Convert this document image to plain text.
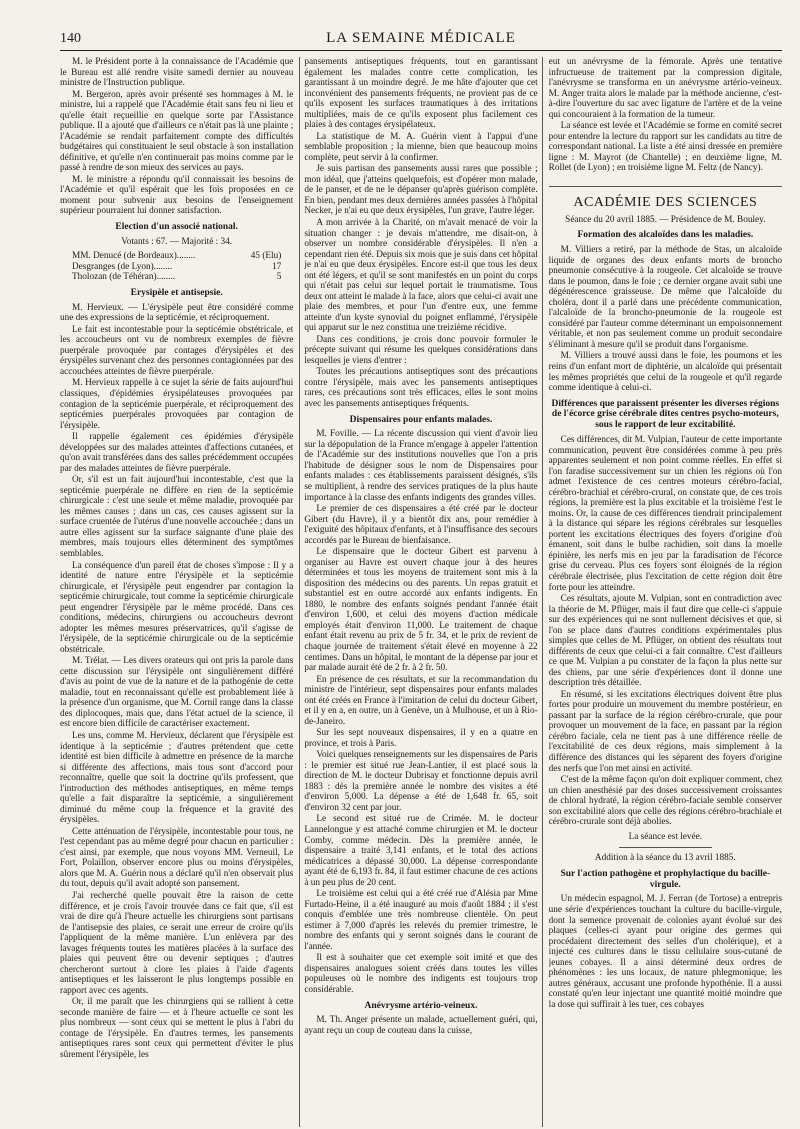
140	LA SEMAINE MÉDICALE

M. le Président porte à la connaissance de l'Académie que le Bureau est allé rendre visite samedi dernier au nouveau ministre de l'Instruction publique.

M. Bergeron, après avoir présenté ses hommages à M. le ministre, lui a rappelé que l'Académie était sans feu ni lieu et qu'elle était reçueillie en quelque sorte par l'Assistance publique. Il a ajouté que d'ailleurs ce n'était pas là une plainte ; l'Académie se rendait parfaitement compte des difficultés budgétaires qui constituaient le seul obstacle à son installation définitive, et qu'elle n'en continuerait pas moins comme par le passé à rendre de son mieux des services au pays.

M. le ministre a répondu qu'il connaissait les besoins de l'Académie et qu'il espérait que les fois proposées en ce moment pour subvenir aux besoins de l'enseignement supérieur pourraient lui donner satisfaction.

Election d'un associé national.
Votants : 67. — Majorité : 34.
MM. Denucé (de Bordeaux)........	45 (Elu)
Desgranges (de Lyon)........	17
Tholozan (de Téhéran)........	5
Erysipèle et antisepsie.

M. Hervieux. — L'érysipèle peut être considéré comme une des expressions de la septicémie, et réciproquement.

Le fait est incontestable pour la septicémie obstétricale, et les accoucheurs ont vu de nombreux exemples de fièvre puerpérale provoquée par contages d'érysipèles et des érysipèles survenant chez des personnes contagionnées par des accouchées atteintes de fièvre puerpérale.

M. Hervieux rappelle à ce sujet la série de faits aujourd'hui classiques, d'épidémies érysipélateuses provoquées par contagion de la septicémie puerpérale, et réciproquement des septicémies puerpérales provoquées par contagion de l'érysipèle.

Il rappelle également ces épidémies d'érysipèle développées sur des malades atteintes d'affections cutanées, et qu'on avait transférées dans des salles précédemment occupées par des malades atteintes de fièvre puerpérale.

Or, s'il est un fait aujourd'hui incontestable, c'est que la septicémie puerpérale ne diffère en rien de la septicémie chirurgicale : c'est une seule et même maladie, provoquée par les mêmes causes ; dans un cas, ces causes agissent sur la surface cruentée de l'utérus d'une nouvelle accouchée ; dans un autre elles agissent sur la surface saignante d'une plaie des membres, mais toujours elles déterminent des symptômes semblables.

La conséquence d'un pareil état de choses s'impose : Il y a identité de nature entre l'érysipèle et la septicémie chirurgicale, et l'érysipèle peut engendrer par contagion la septicémie chirurgicale, tout comme la septicémie chirurgicale peut engendrer l'érysipèle par le même procédé. Dans ces conditions, médecins, chirurgiens ou accoucheurs devront adopter les mêmes mesures préservatrices, qu'il s'agisse de l'érysipèle, de la septicémie chirurgicale ou de la septicémie obstétricale.

M. Trélat. — Les divers orateurs qui ont pris la parole dans cette discussion sur l'érysipèle ont singulièrement différé d'avis au point de vue de la nature et de la pathogénie de cette maladie, tout en reconnaissant qu'elle est probablement liée à la présence d'un organisme, que M. Cornil range dans la classe des diplocoques, mais que, dans l'état actuel de la science, il est encore bien difficile de caractériser exactement.

Les uns, comme M. Hervieux, déclarent que l'érysipèle est identique à la septicémie ; d'autres prétendent que cette identité est bien difficile à admettre en présence de la marche si différente des affections, mais tous sont d'accord pour reconnaître, quelle que soit la doctrine qu'ils professent, que l'introduction des méthodes antiseptiques, en même temps qu'elle a fait disparaître la septicémie, a singulièrement diminué du même coup la fréquence et la gravité des érysipèles.

Cette atténuation de l'érysipèle, incontestable pour tous, ne l'est cependant pas au même degré pour chacun en particulier : c'est ainsi, par exemple, que nous voyons MM. Verneuil, Le Fort, Polaillon, observer encore plus ou moins d'érysipèles, alors que M. A. Guérin nous a déclaré qu'il n'en observait plus du tout, depuis qu'il avait adopté son pansement.

J'ai recherché quelle pouvait être la raison de cette différence, et je crois l'avoir trouvée dans ce fait que, s'il est vrai de dire qu'à l'heure actuelle les chirurgiens sont partisans de l'antisepsie des plaies, ce serait une erreur de croire qu'ils l'appliquent de la même manière. L'un enlèvera par des lavages fréquents toutes les matières placées à la surface des plaies qui peuvent être ou devenir septiques ; d'autres chercheront surtout à clore les plaies à l'aide d'agents antiseptiques et les laisseront le plus longtemps possible en rapport avec ces agents.

Or, il me paraît que les chirurgiens qui se rallient à cette seconde manière de faire — et à l'heure actuelle ce sont les plus nombreux — sont ceux qui se mettent le plus à l'abri du contage de l'érysipèle. En d'autres termes, les pansements antiseptiques rares sont ceux qui permettent d'éviter le plus sûrement l'érysipèle, les

pansements antiseptiques fréquents, tout en garantissant également les malades contre cette complication, les garantissant à un moindre degré. Je me hâte d'ajouter que cet inconvénient des pansements fréquents, ne provient pas de ce qu'ils exposent les surfaces traumatiques à des irritations multipliées, mais de ce qu'ils exposent plus facilement ces plaies à des contages érysipélateux.

La statistique de M. A. Guérin vient à l'appui d'une semblable proposition ; la mienne, bien que beaucoup moins complète, peut servir à la confirmer.

Je suis partisan des pansements aussi rares que possible ; mon idéal, que j'atteins quelquefois, est d'opérer mon malade, de le panser, et de ne le dépanser qu'après guérison complète. En bien, pendant mes deux dernières années passées à l'hôpital Necker, je n'ai eu que deux érysipèles, l'un grave, l'autre léger.

A mon arrivée à la Charité, on m'avait menacé de voir la situation changer : je devais m'attendre, me disait-on, à observer un nombre considérable d'érysipèles. Il n'en a cependant rien été. Depuis six mois que je suis dans cet hôpital je n'ai eu que deux érysipèles. Encore est-il que tous les deux ont été légers, et qu'il se sont manifestés en un point du corps qui n'était pas celui sur lequel portait le traumatisme. Tous deux ont atteint le malade à la face, alors que celui-ci avait une plaie des membres, et pour l'un d'entre eux, une femme atteinte d'un kyste synovial du poignet enflammé, l'érysipèle qui apparut sur le nez constitua une treizième récidive.

Dans ces conditions, je crois donc pouvoir formuler le précepte suivant qui résume les quelques considérations dans lesquelles je viens d'entrer :

Toutes les précautions antiseptiques sont des précautions contre l'érysipèle, mais avec les pansements antiseptiques rares, ces précautions sont très efficaces, elles le sont moins avec les pansements antiseptiques fréquents.

Dispensaires pour enfants malades.

M. Foville. — La récente discussion qui vient d'avoir lieu sur la dépopulation de la France m'engage à appeler l'attention de l'Académie sur des institutions nouvelles que l'on a pris l'habitude de désigner sous le nom de Dispensaires pour enfants malades : ces établissements paraissent désignés, s'ils se multiplient, à rendre des services pratiques de la plus haute importance à la classe des enfants indigents des grandes villes.

Le premier de ces dispensaires a été créé par le docteur Gibert (du Havre), il y a bientôt dix ans, pour remédier à l'exiguité des hôpitaux d'enfants, et à l'insuffisance des secours accordés par le Bureau de bienfaisance.

Le dispensaire que le docteur Gibert est parvenu à organiser au Havre est ouvert chaque jour à des heures déterminées et tous les moyens de traitement sont mis à la disposition des médecins ou des parents. Un repas gratuit et substantiel est en outre accordé aux enfants indigents. En 1880, le nombre des enfants soignés pendant l'année était d'environ 1,600, et celui des moyens d'action médicale employés était d'environ 11,000. Le traitement de chaque enfant était revenu au prix de 5 fr. 34, et le prix de revient de chaque journée de traitement s'était élevé en moyenne à 22 centimes. Dans un hôpital, le montant de la dépense par jour et par malade aurait été de 2 fr. à 2 fr. 50.

En présence de ces résultats, et sur la recommandation du ministre de l'intérieur, sept dispensaires pour enfants malades ont été créés en France à l'imitation de celui du docteur Gibert, et il y en a, en outre, un à Genève, un à Mulhouse, et un à Rio-de-Janeiro.

Sur les sept nouveaux dispensaires, il y en a quatre en province, et trois à Paris.

Voici quelques renseignements sur les dispensaires de Paris : le premier est situé rue Jean-Lantier, il est placé sous la direction de M. le docteur Dubrisay et fonctionne depuis avril 1883 : dès la première année le nombre des visites a été d'environ 5,000. La dépense a été de 1,648 fr. 65, soit d'environ 32 cent par jour.

Le second est situé rue de Crimée. M. le docteur Lannelongue y est attaché comme chirurgien et M. le docteur Comby, comme médecin. Dès la première année, le dispensaire a traité 3,141 enfants, et le total des actions médicatrices a dépassé 30,000. La dépense correspondante ayant été de 6,193 fr. 84, il faut estimer chacune de ces actions à un peu plus de 20 cent.

Le troisième est celui qui a été créé rue d'Alésia par Mme Furtado-Heine, il a été inauguré au mois d'août 1884 ; il s'est conquis d'emblée une très nombreuse clientèle. On peut estimer à 7,000 d'après les relevés du premier trimestre, le nombre des enfants qui y seront soignés dans le courant de l'année.

Il est à souhaiter que cet exemple soit imité et que des dispensaires analogues soient créés dans toutes les villes populeuses où le nombre des indigents est toujours trop considérable.

Anévrysme artério-veineux.

M. Th. Anger présente un malade, actuellement guéri, qui, ayant reçu un coup de couteau dans la cuisse,

eut un anévrysme de la fémorale. Après une tentative infructueuse de traitement par la compression digitale, l'anévrysme se transforma en un anévrysme artério-veineux. M. Anger traita alors le malade par la méthode ancienne, c'est-à-dire l'ouverture du sac avec ligature de l'artère et de la veine qui concouraient à la formation de la tumeur.

La séance est levée et l'Académie se forme en comité secret pour entendre la lecture du rapport sur les candidats au titre de correspondant national. La liste a été ainsi dressée en première ligne : M. Mayrot (de Chantelle) ; en deuxième ligne, M. Rollet (de Lyon) ; en troisième ligne M. Feltz (de Nancy).

ACADÉMIE DES SCIENCES
Séance du 20 avril 1885. — Présidence de M. Bouley.
Formation des alcaloïdes dans les maladies.

M. Villiers a retiré, par la méthode de Stas, un alcaloïde liquide de organes des deux enfants morts de broncho pneumonie consécutive à la rougeole. Cet alcaloïde se trouve dans le poumon, dans le foie ; ce dernier organe avait subi une dégénérescence graisseuse. De même que l'alcaloïde du choléra, dont il a parlé dans une précédente communication, l'alcaloïde de la broncho-pneumonie de la rougeole est considéré par l'auteur comme déterminant un empoisonnement véritable, et non pas seulement comme un produit secondaire s'éliminant à mesure qu'il se produit dans l'organisme.

M. Villiers a trouvé aussi dans le foie, les poumons et les reins d'un enfant mort de diphtérie, un alcaloïde qui présentait les mêmes propriétés que celui de la rougeole et qu'il regarde comme identique à celui-ci.

Différences que paraissent présenter les diverses régions de l'écorce grise cérébrale dites centres psycho-moteurs, sous le rapport de leur excitabilité.

Ces différences, dit M. Vulpian, l'auteur de cette importante communication, peuvent être considérées comme à peu près apparentes seulement et non point comme réelles. En effet si l'on faradise successivement sur un chien les régions où l'on admet l'existence de ces centres moteurs cérébro-facial, cérébro-brachial et cérébro-crural, on constate que, de ces trois régions, la première est la plus excitable et la troisième l'est le moins. Or, la cause de ces différences tiendrait principalement à la distance qui sépare les régions cérébrales sur lesquelles portent les excitations électriques des foyers d'origine d'où émanent, soit dans le bulbe rachidien, soit dans la moelle épinière, les nerfs mis en jeu par la faradisation de l'écorce grise du cerveau. Plus ces foyers sont éloignés de la région cérébrale électrisée, plus l'excitation de cette région doit être forte pour les atteindre.

Ces résultats, ajoute M. Vulpian, sont en contradiction avec la théorie de M. Pflüger, mais il faut dire que celle-ci s'appuie sur des expériences qui ne sont nullement décisives et que, si l'on se place dans d'autres conditions expérimentales plus simples que celles de M. Pflüger, on obtient des résultats tout différents de ceux que celui-ci a fait connaître. C'est d'ailleurs ce que M. Vulpian a pu constater de la façon la plus nette sur des chiens, par une série d'expériences dont il donne une description très détaillée.

En résumé, si les excitations électriques doivent être plus fortes pour produire un mouvement du membre postérieur, en passant par la surface de la région cérébro-crurale, que pour provoquer un mouvement de la face, en passant par la région cérébro faciale, cela ne tient pas à une différence réelle de l'excitabilité de ces deux régions, mais simplement à la différence des distances qui les séparent des foyers d'origine des nerfs que l'on met ainsi en activité.

C'est de la même façon qu'on doit expliquer comment, chez un chien anesthésié par des doses successivement croissantes de chloral hydraté, la région cérébro-faciale semble conserver son excitabilité alors que celle des régions cérébro-brachiale et cérébro-crurale sont déjà abolies.

La séance est levée.
Addition à la séance du 13 avril 1885.
Sur l'action pathogène et prophylactique du bacille-virgule.

Un médecin espagnol, M. J. Ferran (de Tortose) a entrepris une série d'expériences touchant la culture du bacille-virgule, dont la semence provenait de colonies ayant évolué sur des plaques (celles-ci ayant pour origine des germes qui procédaient directement des selles d'un cholérique), et a injecté ces cultures dans le tissu cellulaire sous-cutané de jeunes cobayes. Il a ainsi déterminé deux ordres de phénomènes : les uns locaux, de nature phlegmonique, les autres généraux, accusant une profonde hypothénie. Il a aussi constaté qu'en leur injectant une quantité moitié moindre que la dose qui suffirait à les tuer, ces cobayes
